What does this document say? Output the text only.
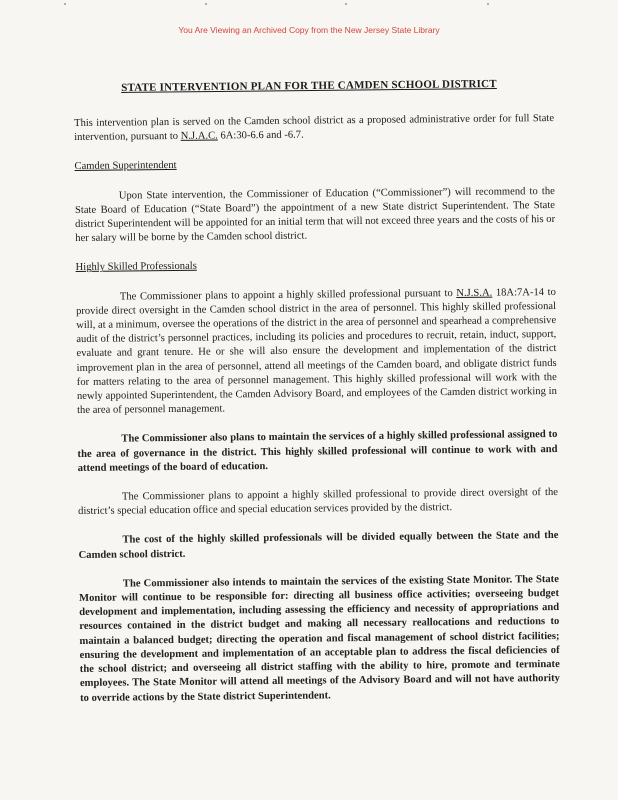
You Are Viewing an Archived Copy from the New Jersey State Library
STATE INTERVENTION PLAN FOR THE CAMDEN SCHOOL DISTRICT

This intervention plan is served on the Camden school district as a proposed administrative order for full State intervention, pursuant to N.J.A.C. 6A:30-6.6 and -6.7.

Camden Superintendent

Upon State intervention, the Commissioner of Education (“Commissioner”) will recommend to the State Board of Education (“State Board”) the appointment of a new State district Superintendent. The State district Superintendent will be appointed for an initial term that will not exceed three years and the costs of his or her salary will be borne by the Camden school district.

Highly Skilled Professionals

The Commissioner plans to appoint a highly skilled professional pursuant to N.J.S.A. 18A:7A-14 to provide direct oversight in the Camden school district in the area of personnel. This highly skilled professional will, at a minimum, oversee the operations of the district in the area of personnel and spearhead a comprehensive audit of the district’s personnel practices, including its policies and procedures to recruit, retain, induct, support, evaluate and grant tenure. He or she will also ensure the development and implementation of the district improvement plan in the area of personnel, attend all meetings of the Camden board, and obligate district funds for matters relating to the area of personnel management. This highly skilled professional will work with the newly appointed Superintendent, the Camden Advisory Board, and employees of the Camden district working in the area of personnel management.

The Commissioner also plans to maintain the services of a highly skilled professional assigned to the area of governance in the district. This highly skilled professional will continue to work with and attend meetings of the board of education.

The Commissioner plans to appoint a highly skilled professional to provide direct oversight of the district’s special education office and special education services provided by the district.

The cost of the highly skilled professionals will be divided equally between the State and the Camden school district.

The Commissioner also intends to maintain the services of the existing State Monitor. The State Monitor will continue to be responsible for: directing all business office activities; overseeing budget development and implementation, including assessing the efficiency and necessity of appropriations and resources contained in the district budget and making all necessary reallocations and reductions to maintain a balanced budget; directing the operation and fiscal management of school district facilities; ensuring the development and implementation of an acceptable plan to address the fiscal deficiencies of the school district; and overseeing all district staffing with the ability to hire, promote and terminate employees. The State Monitor will attend all meetings of the Advisory Board and will not have authority to override actions by the State district Superintendent.
